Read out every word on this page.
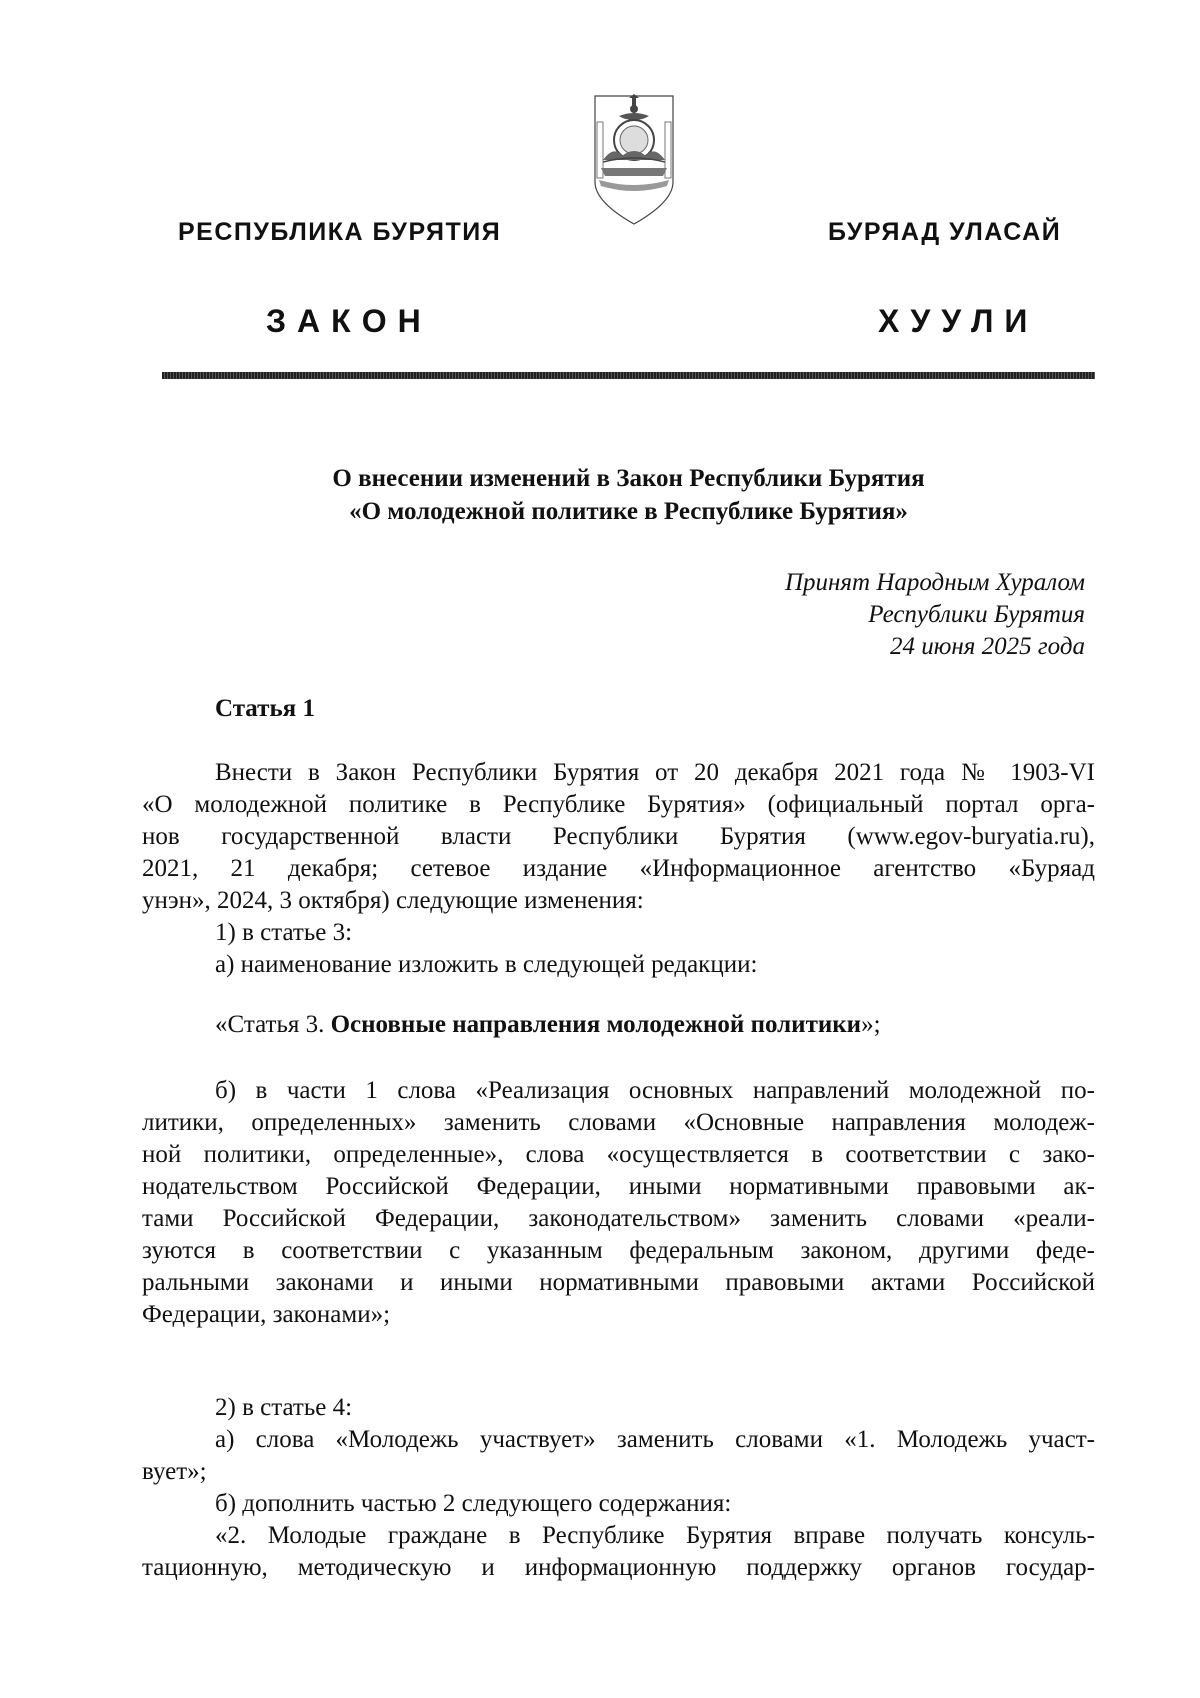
РЕСПУБЛИКА БУРЯТИЯ	БУРЯАД УЛАСАЙ
ЗАКОН	ХУУЛИ
О внесении изменений в Закон Республики Бурятия
«О молодежной политике в Республике Бурятия»
Принят Народным Хуралом
Республики Бурятия
24 июня 2025 года
Статья 1
Внести в Закон Республики Бурятия от 20 декабря 2021 года № 1903-VI
«О молодежной политике в Республике Бурятия» (официальный портал орга-
нов государственной власти Республики Бурятия (www.egov-buryatia.ru),
2021, 21 декабря; сетевое издание «Информационное агентство «Буряад
унэн», 2024, 3 октября) следующие изменения:
1) в статье 3:
а) наименование изложить в следующей редакции:
«Статья 3. Основные направления молодежной политики»;
б) в части 1 слова «Реализация основных направлений молодежной по-
литики, определенных» заменить словами «Основные направления молодеж-
ной политики, определенные», слова «осуществляется в соответствии с зако-
нодательством Российской Федерации, иными нормативными правовыми ак-
тами Российской Федерации, законодательством» заменить словами «реали-
зуются в соответствии с указанным федеральным законом, другими феде-
ральными законами и иными нормативными правовыми актами Российской
Федерации, законами»;
2) в статье 4:
а) слова «Молодежь участвует» заменить словами «1. Молодежь участ-
вует»;
б) дополнить частью 2 следующего содержания:
«2. Молодые граждане в Республике Бурятия вправе получать консуль-
тационную, методическую и информационную поддержку органов государ-
